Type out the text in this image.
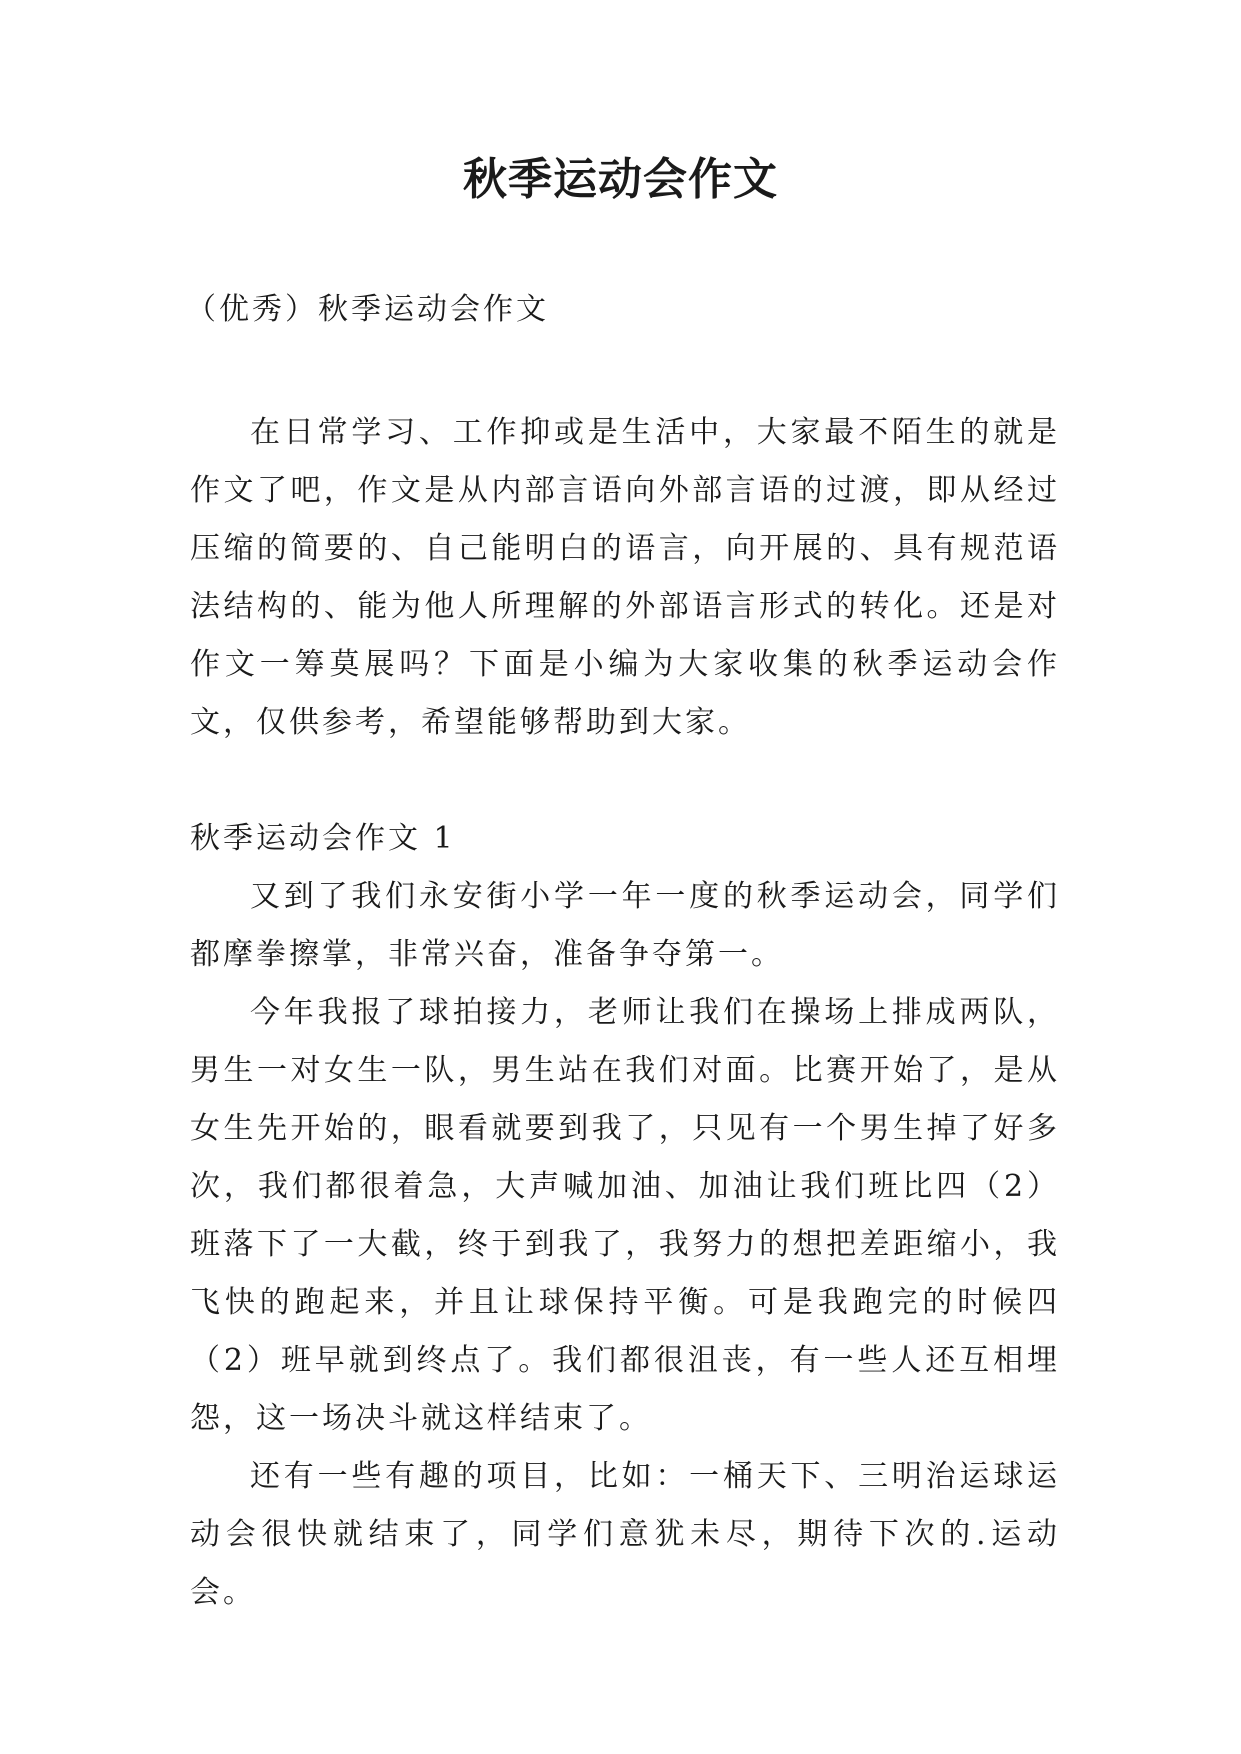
秋季运动会作文
（优秀）秋季运动会作文

在日常学习、工作抑或是生活中，大家最不陌生的就是作文了吧，作文是从内部言语向外部言语的过渡，即从经过压缩的简要的、自己能明白的语言，向开展的、具有规范语法结构的、能为他人所理解的外部语言形式的转化。还是对作文一筹莫展吗？下面是小编为大家收集的秋季运动会作文，仅供参考，希望能够帮助到大家。

秋季运动会作文 1

又到了我们永安街小学一年一度的秋季运动会，同学们都摩拳擦掌，非常兴奋，准备争夺第一。

今年我报了球拍接力，老师让我们在操场上排成两队，男生一对女生一队，男生站在我们对面。比赛开始了，是从女生先开始的，眼看就要到我了，只见有一个男生掉了好多次，我们都很着急，大声喊加油、加油让我们班比四（2）班落下了一大截，终于到我了，我努力的想把差距缩小，我飞快的跑起来，并且让球保持平衡。可是我跑完的时候四（2）班早就到终点了。我们都很沮丧，有一些人还互相埋怨，这一场决斗就这样结束了。

还有一些有趣的项目，比如：一桶天下、三明治运球运动会很快就结束了，同学们意犹未尽，期待下次的.运动会。
